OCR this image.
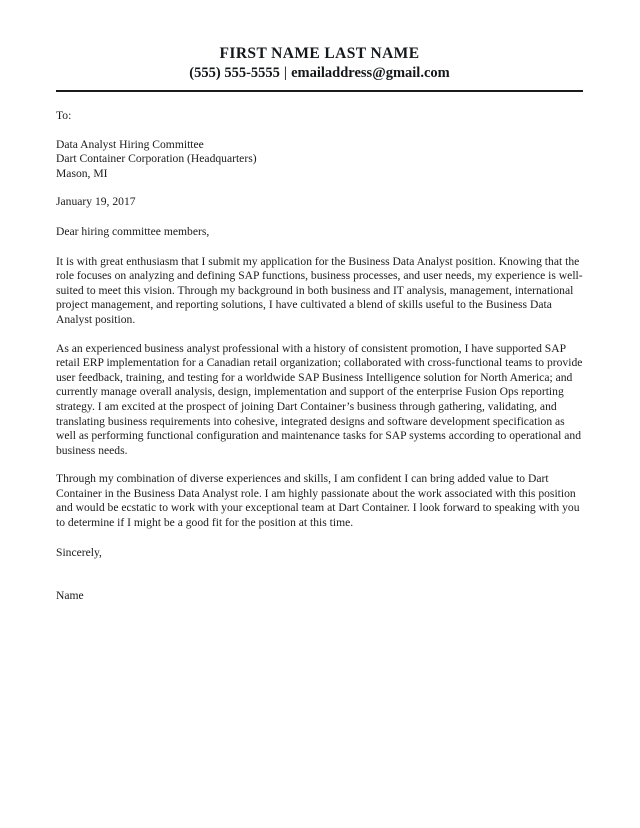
FIRST NAME LAST NAME
(555) 555-5555 | emailaddress@gmail.com
To:
Data Analyst Hiring Committee
Dart Container Corporation (Headquarters)
Mason, MI
January 19, 2017
Dear hiring committee members,

It is with great enthusiasm that I submit my application for the Business Data Analyst position. Knowing that the role focuses on analyzing and defining SAP functions, business processes, and user needs, my experience is well-suited to meet this vision. Through my background in both business and IT analysis, management, international project management, and reporting solutions, I have cultivated a blend of skills useful to the Business Data Analyst position.

As an experienced business analyst professional with a history of consistent promotion, I have supported SAP retail ERP implementation for a Canadian retail organization; collaborated with cross-functional teams to provide user feedback, training, and testing for a worldwide SAP Business Intelligence solution for North America; and currently manage overall analysis, design, implementation and support of the enterprise Fusion Ops reporting strategy. I am excited at the prospect of joining Dart Container’s business through gathering, validating, and translating business requirements into cohesive, integrated designs and software development specification as well as performing functional configuration and maintenance tasks for SAP systems according to operational and business needs.

Through my combination of diverse experiences and skills, I am confident I can bring added value to Dart Container in the Business Data Analyst role. I am highly passionate about the work associated with this position and would be ecstatic to work with your exceptional team at Dart Container. I look forward to speaking with you to determine if I might be a good fit for the position at this time.

Sincerely,
Name
